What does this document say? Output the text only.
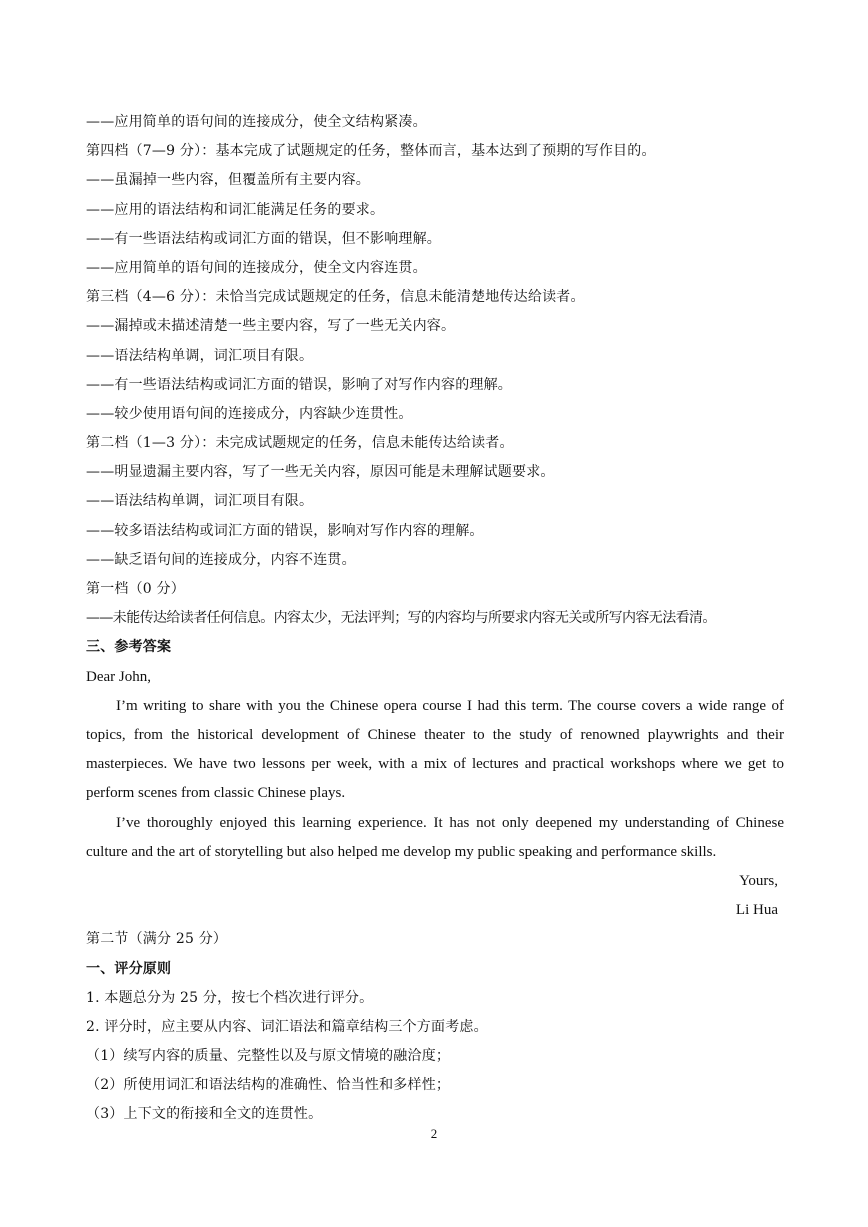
——应用简单的语句间的连接成分，使全文结构紧凑。
第四档（7—9 分）：基本完成了试题规定的任务，整体而言，基本达到了预期的写作目的。
——虽漏掉一些内容，但覆盖所有主要内容。
——应用的语法结构和词汇能满足任务的要求。
——有一些语法结构或词汇方面的错误，但不影响理解。
——应用简单的语句间的连接成分，使全文内容连贯。
第三档（4—6 分）：未恰当完成试题规定的任务，信息未能清楚地传达给读者。
——漏掉或未描述清楚一些主要内容，写了一些无关内容。
——语法结构单调，词汇项目有限。
——有一些语法结构或词汇方面的错误，影响了对写作内容的理解。
——较少使用语句间的连接成分，内容缺少连贯性。
第二档（1—3 分）：未完成试题规定的任务，信息未能传达给读者。
——明显遗漏主要内容，写了一些无关内容，原因可能是未理解试题要求。
——语法结构单调，词汇项目有限。
——较多语法结构或词汇方面的错误，影响对写作内容的理解。
——缺乏语句间的连接成分，内容不连贯。
第一档（0 分）
——未能传达给读者任何信息。内容太少，无法评判；写的内容均与所要求内容无关或所写内容无法看清。
三、参考答案
Dear John,

I’m writing to share with you the Chinese opera course I had this term. The course covers a wide range of topics, from the historical development of Chinese theater to the study of renowned playwrights and their masterpieces. We have two lessons per week, with a mix of lectures and practical workshops where we get to perform scenes from classic Chinese plays.

I’ve thoroughly enjoyed this learning experience. It has not only deepened my understanding of Chinese culture and the art of storytelling but also helped me develop my public speaking and performance skills.

Yours,
Li Hua
第二节（满分 25 分）
一、评分原则
1. 本题总分为 25 分，按七个档次进行评分。
2. 评分时，应主要从内容、词汇语法和篇章结构三个方面考虑。
（1）续写内容的质量、完整性以及与原文情境的融洽度；
（2）所使用词汇和语法结构的准确性、恰当性和多样性；
（3）上下文的衔接和全文的连贯性。
2
